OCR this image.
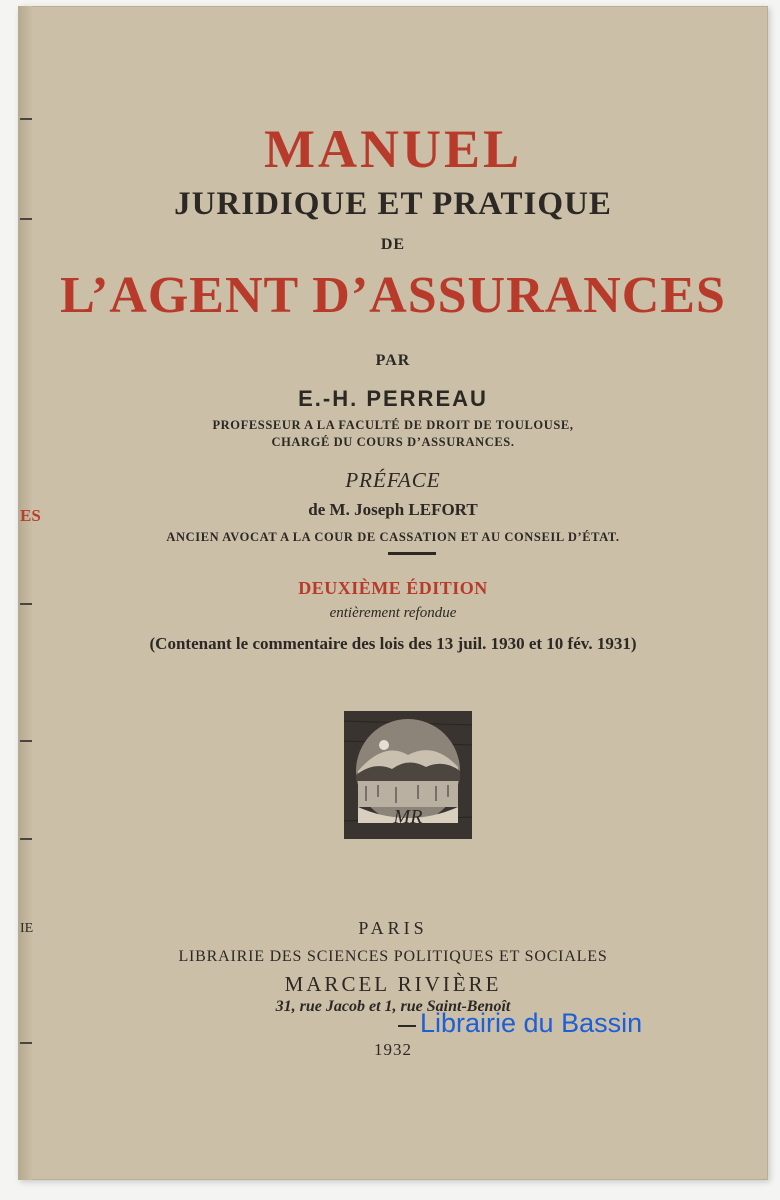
ES
IE
MANUEL
JURIDIQUE ET PRATIQUE
DE
L’AGENT D’ASSURANCES
PAR
E.-H. PERREAU
PROFESSEUR A LA FACULTÉ DE DROIT DE TOULOUSE,
CHARGÉ DU COURS D’ASSURANCES.
PRÉFACE
de M. Joseph LEFORT
ANCIEN AVOCAT A LA COUR DE CASSATION ET AU CONSEIL D’ÉTAT.
DEUXIÈME ÉDITION
entièrement refondue
(Contenant le commentaire des lois des 13 juil. 1930 et 10 fév. 1931)
MR
PARIS
LIBRAIRIE DES SCIENCES POLITIQUES ET SOCIALES
MARCEL RIVIÈRE
31, rue Jacob et 1, rue Saint-Benoît
1932
Librairie du Bassin
